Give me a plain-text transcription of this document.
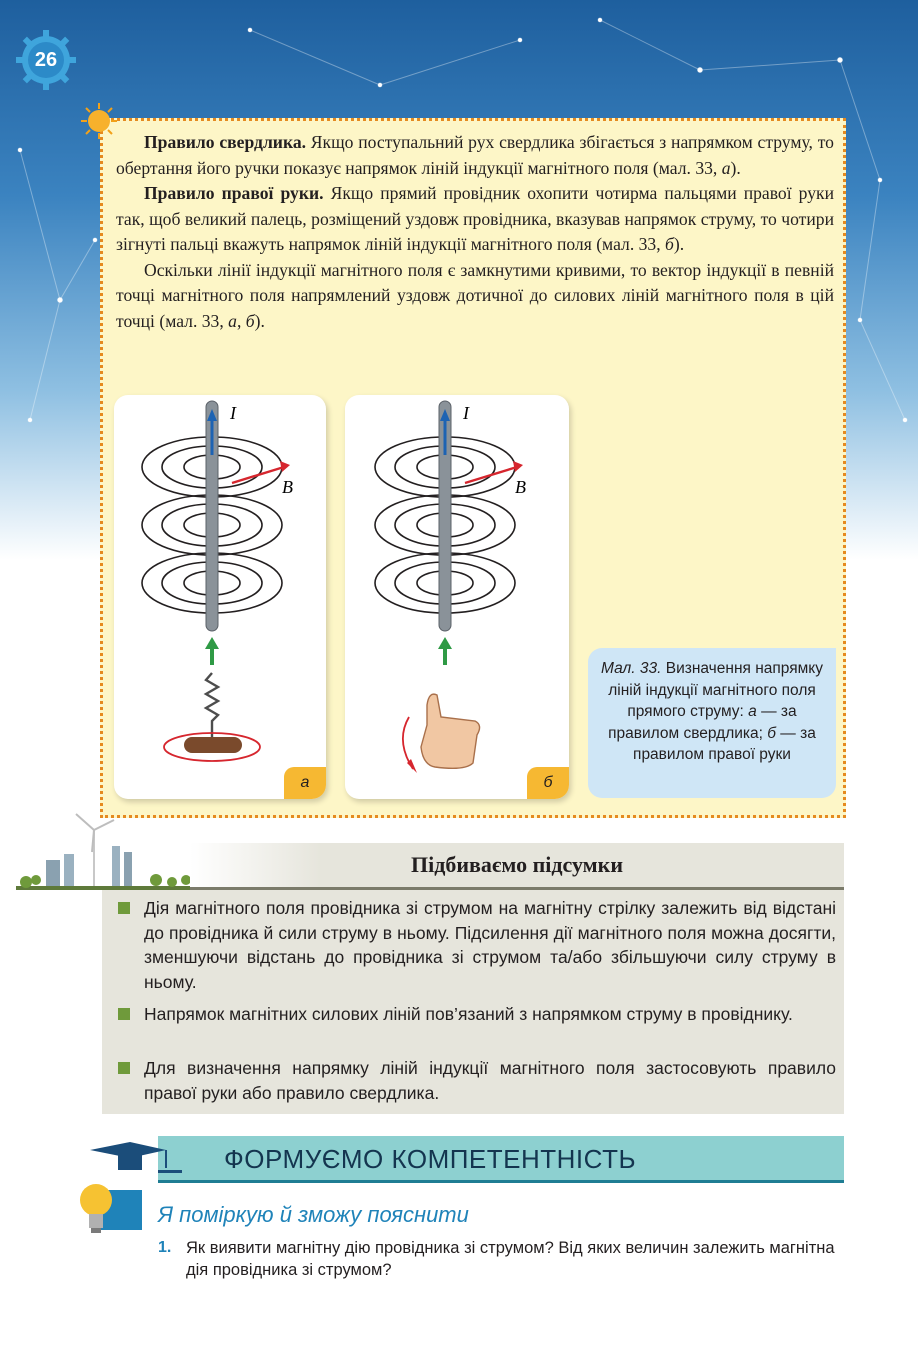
26

Правило свердлика. Якщо поступальний рух свердлика збігається з напрямком струму, то обертання його ручки показує напрямок ліній індукції магнітного поля (мал. 33, а).

Правило правої руки. Якщо прямий провідник охопити чотирма пальцями правої руки так, щоб великий палець, розміщений уздовж провідника, вказував напрямок струму, то чотири зігнуті пальці вкажуть напрямок ліній індукції магнітного поля (мал. 33, б).

Оскільки лінії індукції магнітного поля є замкнутими кривими, то вектор індукції в певній точці магнітного поля напрямлений уздовж дотичної до силових ліній магнітного поля в цій точці (мал. 33, а, б).

I
B
а
I
B
б
Мал. 33. Визначення напрямку ліній індукції магнітного поля прямого струму: а — за правилом свердлика; б — за правилом правої руки
Підбиваємо підсумки
Дія магнітного поля провідника зі струмом на магнітну стрілку залежить від відстані до провідника й сили струму в ньому. Підсилення дії магнітного поля можна досягти, зменшуючи відстань до провідника зі струмом та/або збільшуючи силу струму в ньому.
Напрямок магнітних силових ліній пов’язаний з напрямком струму в провіднику.
Для визначення напрямку ліній індукції магнітного поля застосовують правило правої руки або правило свердлика.
ФОРМУЄМО КОМПЕТЕНТНІСТЬ
Я поміркую й зможу пояснити
1. Як виявити магнітну дію провідника зі струмом? Від яких величин залежить магнітна дія провідника зі струмом?
